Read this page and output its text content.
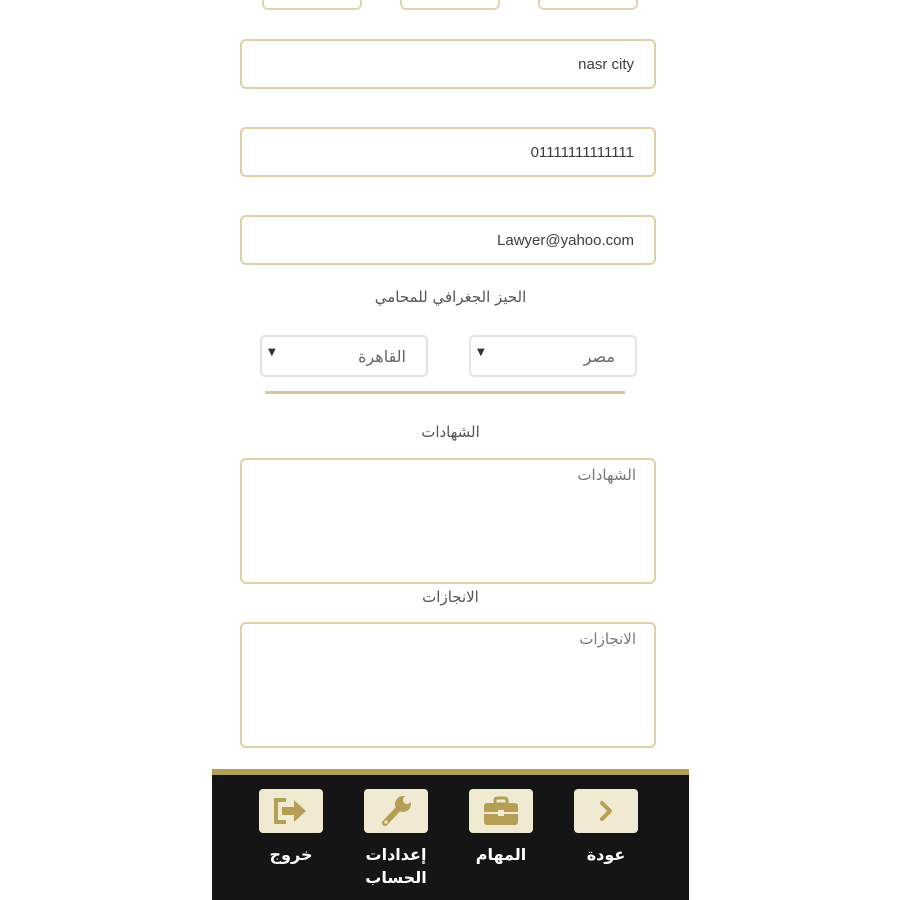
nasr city
01111111111111
Lawyer@yahoo.com
الحيز الجغرافي للمحامي
▼	القاهرة	▼	مصر
الشهادات
الشهادات
الانجازات
الانجازات
خروج	إعدادات
الحساب
المهام	عودة
